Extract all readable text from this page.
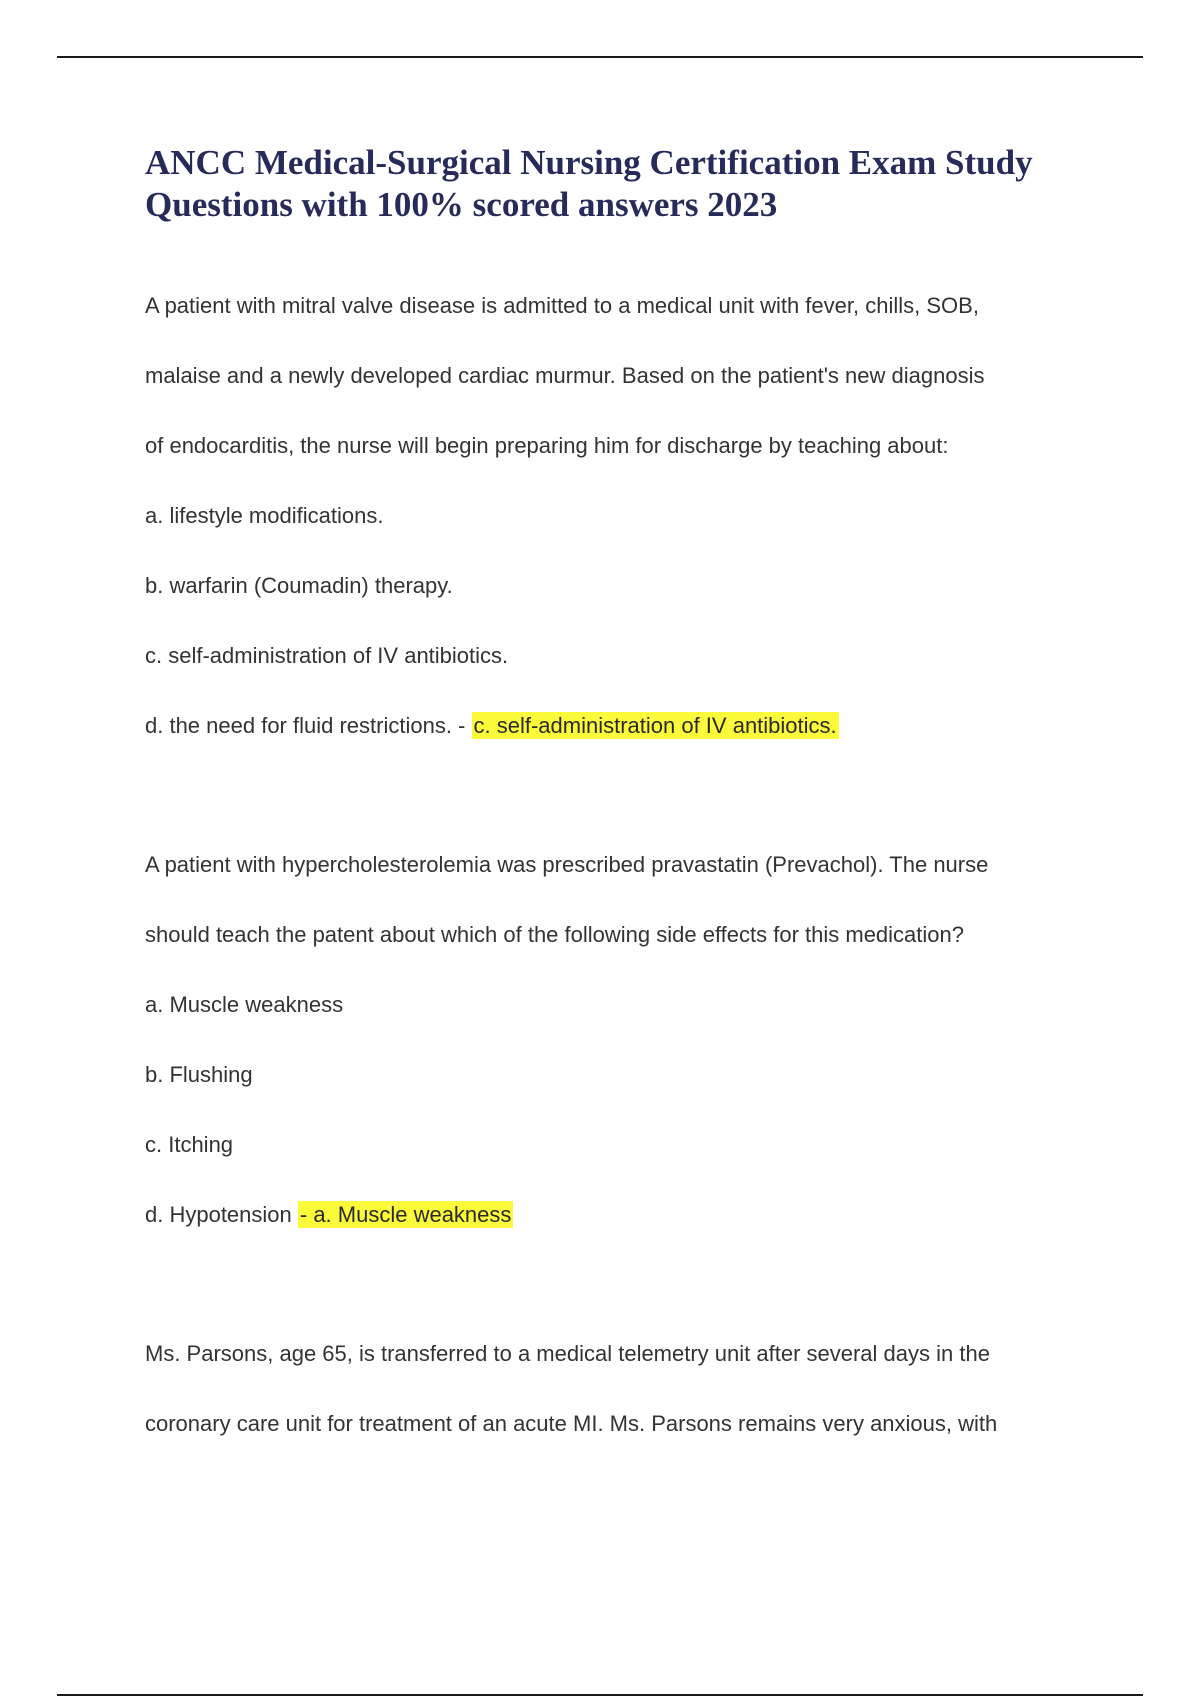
ANCC Medical-Surgical Nursing Certification Exam Study Questions with 100% scored answers 2023
A patient with mitral valve disease is admitted to a medical unit with fever, chills, SOB,
malaise and a newly developed cardiac murmur. Based on the patient's new diagnosis
of endocarditis, the nurse will begin preparing him for discharge by teaching about:
a. lifestyle modifications.
b. warfarin (Coumadin) therapy.
c. self-administration of IV antibiotics.
d. the need for fluid restrictions. - c. self-administration of IV antibiotics.
A patient with hypercholesterolemia was prescribed pravastatin (Prevachol). The nurse
should teach the patent about which of the following side effects for this medication?
a. Muscle weakness
b. Flushing
c. Itching
d. Hypotension - a. Muscle weakness
Ms. Parsons, age 65, is transferred to a medical telemetry unit after several days in the
coronary care unit for treatment of an acute MI. Ms. Parsons remains very anxious, with
